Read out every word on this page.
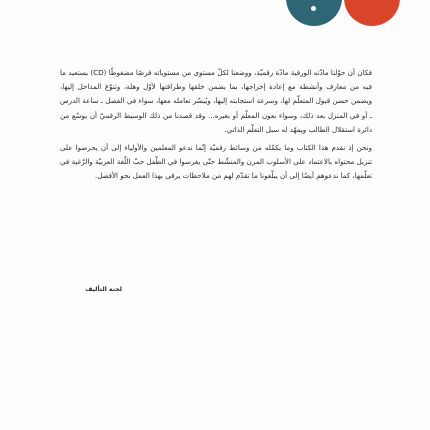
فكان أن حوّلنا مادّته الورقية مادّة رقميّة، ووضعنا لكلّ مستوى من مستوياته قرصًا مضغوطًا (CD) يستعيد ما فيه من معارف وأنشطة مع إعادة إخراجها، بما يضمن خلقها وطرافتها لأوّل وهلة، وتنوّع المداخل إليها، ويضمن حسن قبول المتعلّم لها، وسرعة استجابته إليها، ويُيسّر تعامله معها، سواء في الفصل ـ ساعة الدرس ـ أو في المنزل بعد ذلك، وسواء بعون المعلّم أو بغيره... وقد قصدنا من ذلك الوسيط الرقميّ أن يوسّع من دائرة استقلال الطالب ويمهّد له سبل التعلّم الذاتي.

ونحن إذ نقدم هذا الكتاب وما يكمّله من وسائط رقميّة إنّما ندعو المعلمين والأولياء إلى أن يحرصوا على تنزيل محتواه بالاعتماد على الأسلوب المرن والمنشّط حتّى يغرسوا في الطّفل حبّ اللّغة العربيّة والرّغبة في تعلّمها، كما ندعوهم أيضًا إلى أن يبلّغونا ما تقدّم لهم من ملاحظات يرقى بهذا العمل نحو الأفضل.

لجنة التأليف
